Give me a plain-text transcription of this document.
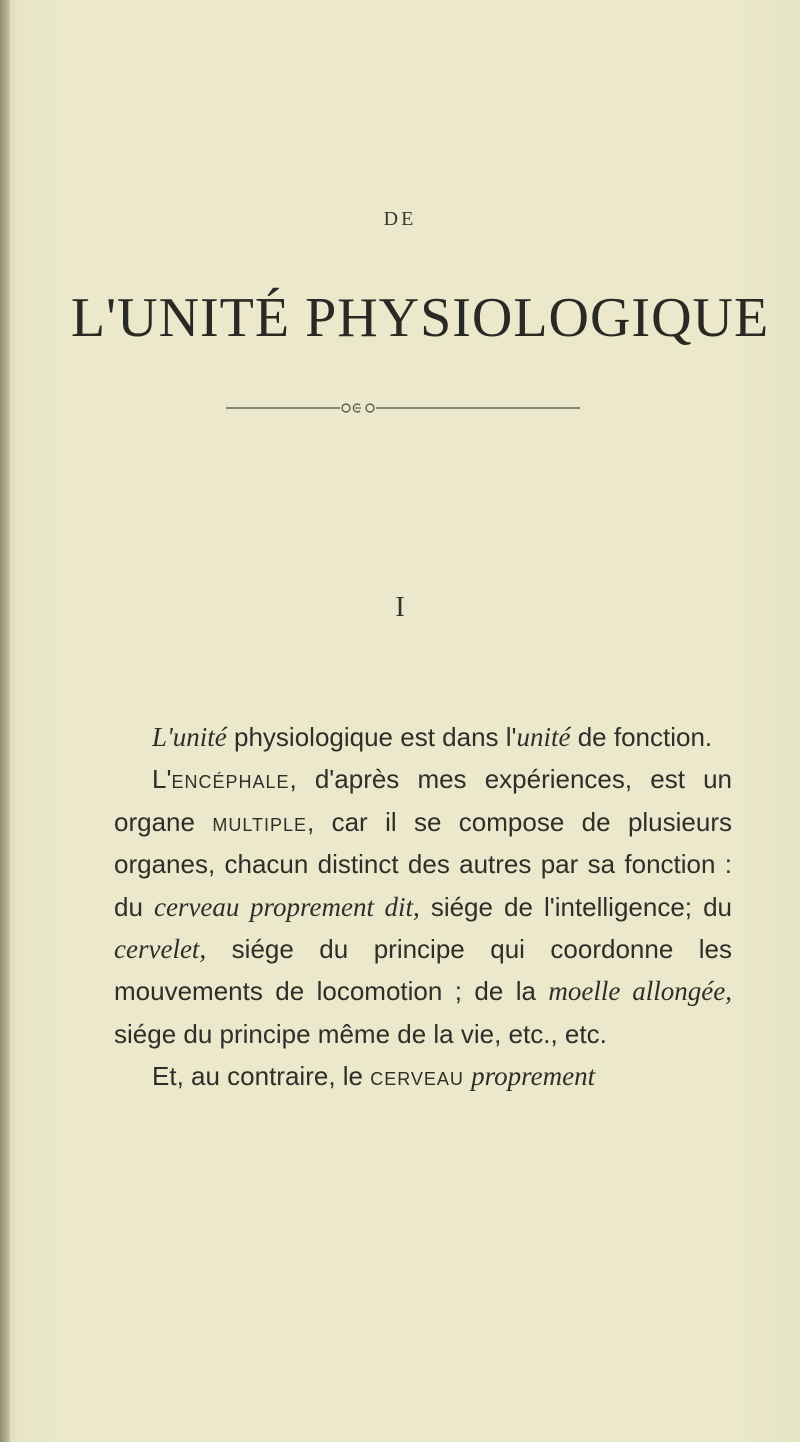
DE
L'UNITÉ PHYSIOLOGIQUE
I

L'unité physiologique est dans l'unité de fonction.

L'encéphale, d'après mes expériences, est un organe multiple, car il se compose de plusieurs organes, chacun distinct des autres par sa fonction : du cerveau proprement dit, siége de l'intelligence; du cervelet, siége du principe qui coordonne les mouvements de locomotion ; de la moelle allongée, siége du principe même de la vie, etc., etc.

Et, au contraire, le cerveau proprement
